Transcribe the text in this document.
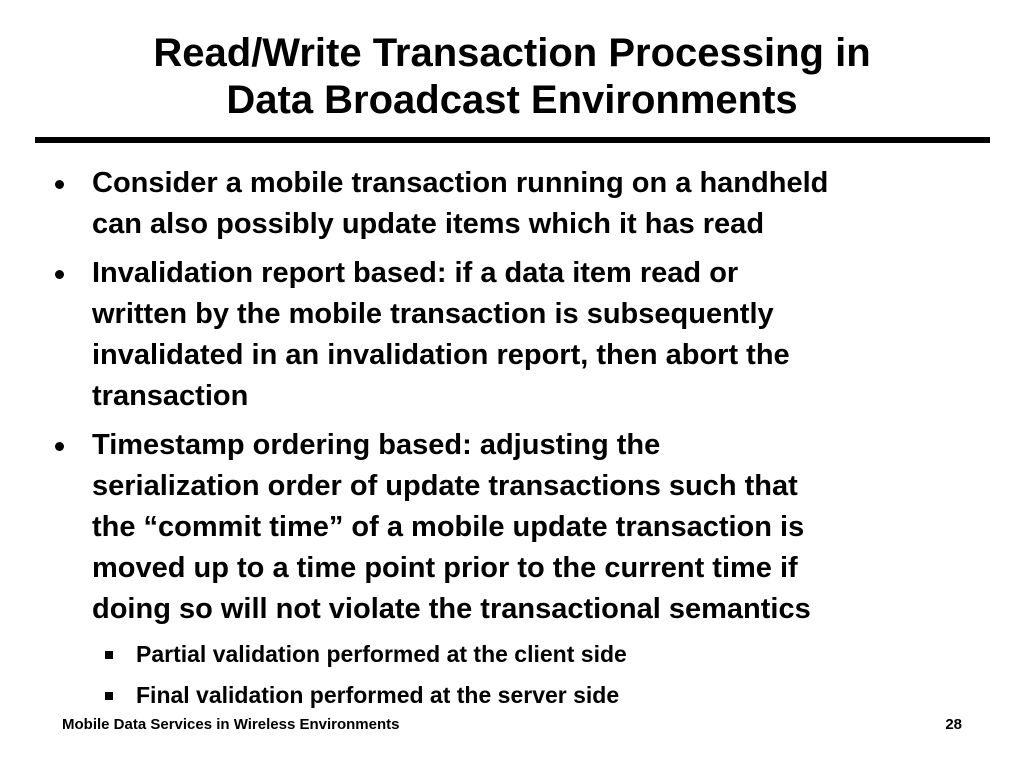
Read/Write Transaction Processing in
Data Broadcast Environments
Consider a mobile transaction running on a handheld
can also possibly update items which it has read
Invalidation report based: if a data item read or
written by the mobile transaction is subsequently
invalidated in an invalidation report, then abort the
transaction
Timestamp ordering based: adjusting the
serialization order of update transactions such that
the “commit time” of a mobile update transaction is
moved up to a time point prior to the current time if
doing so will not violate the transactional semantics
Partial validation performed at the client side
Final validation performed at the server side
Mobile Data Services in Wireless Environments	28
